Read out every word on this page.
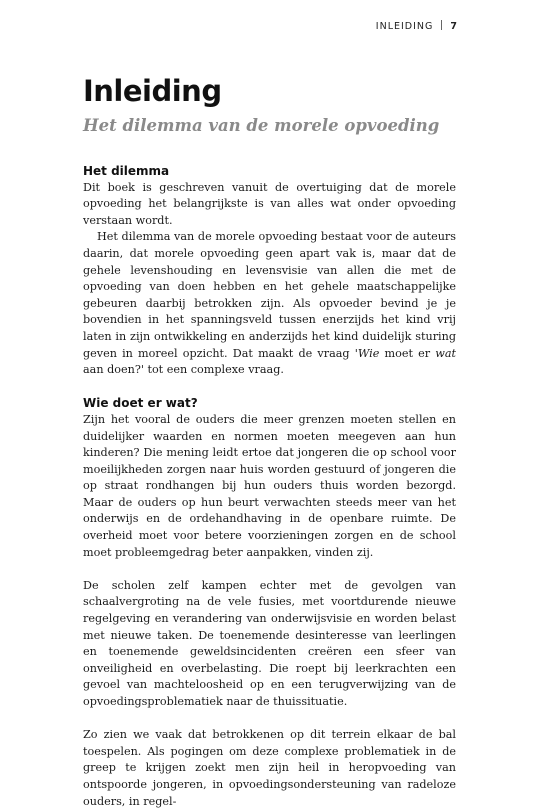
INLEIDING 7
Inleiding
Het dilemma van de morele opvoeding
Het dilemma

Dit boek is geschreven vanuit de overtuiging dat de morele opvoeding het belangrijkste is van alles wat onder opvoeding verstaan wordt.

Het dilemma van de morele opvoeding bestaat voor de auteurs daarin, dat morele opvoeding geen apart vak is, maar dat de gehele levenshouding en levensvisie van allen die met de opvoeding van doen hebben en het gehele maatschappelijke gebeuren daarbij betrokken zijn. Als opvoeder bevind je je bovendien in het spanningsveld tussen enerzijds het kind vrij laten in zijn ontwikkeling en anderzijds het kind duidelijk sturing geven in moreel opzicht. Dat maakt de vraag 'Wie moet er wat aan doen?' tot een complexe vraag.

Wie doet er wat?

Zijn het vooral de ouders die meer grenzen moeten stellen en duidelijker waarden en normen moeten meegeven aan hun kinderen? Die mening leidt ertoe dat jongeren die op school voor moeilijkheden zorgen naar huis worden gestuurd of jongeren die op straat rondhangen bij hun ouders thuis worden bezorgd. Maar de ouders op hun beurt verwachten steeds meer van het onderwijs en de ordehandhaving in de openbare ruimte. De overheid moet voor betere voorzieningen zorgen en de school moet probleemgedrag beter aanpakken, vinden zij.

De scholen zelf kampen echter met de gevolgen van schaalvergroting na de vele fusies, met voortdurende nieuwe regelgeving en verandering van onderwijsvisie en worden belast met nieuwe taken. De toenemende desinteresse van leerlingen en toenemende geweldsincidenten creëren een sfeer van onveiligheid en overbelasting. Die roept bij leerkrachten een gevoel van machteloosheid op en een terugverwijzing van de opvoedingsproblematiek naar de thuissituatie.

Zo zien we vaak dat betrokkenen op dit terrein elkaar de bal toespelen. Als pogingen om deze complexe problematiek in de greep te krijgen zoekt men zijn heil in heropvoeding van ontspoorde jongeren, in opvoedingsondersteuning van radeloze ouders, in regel-
